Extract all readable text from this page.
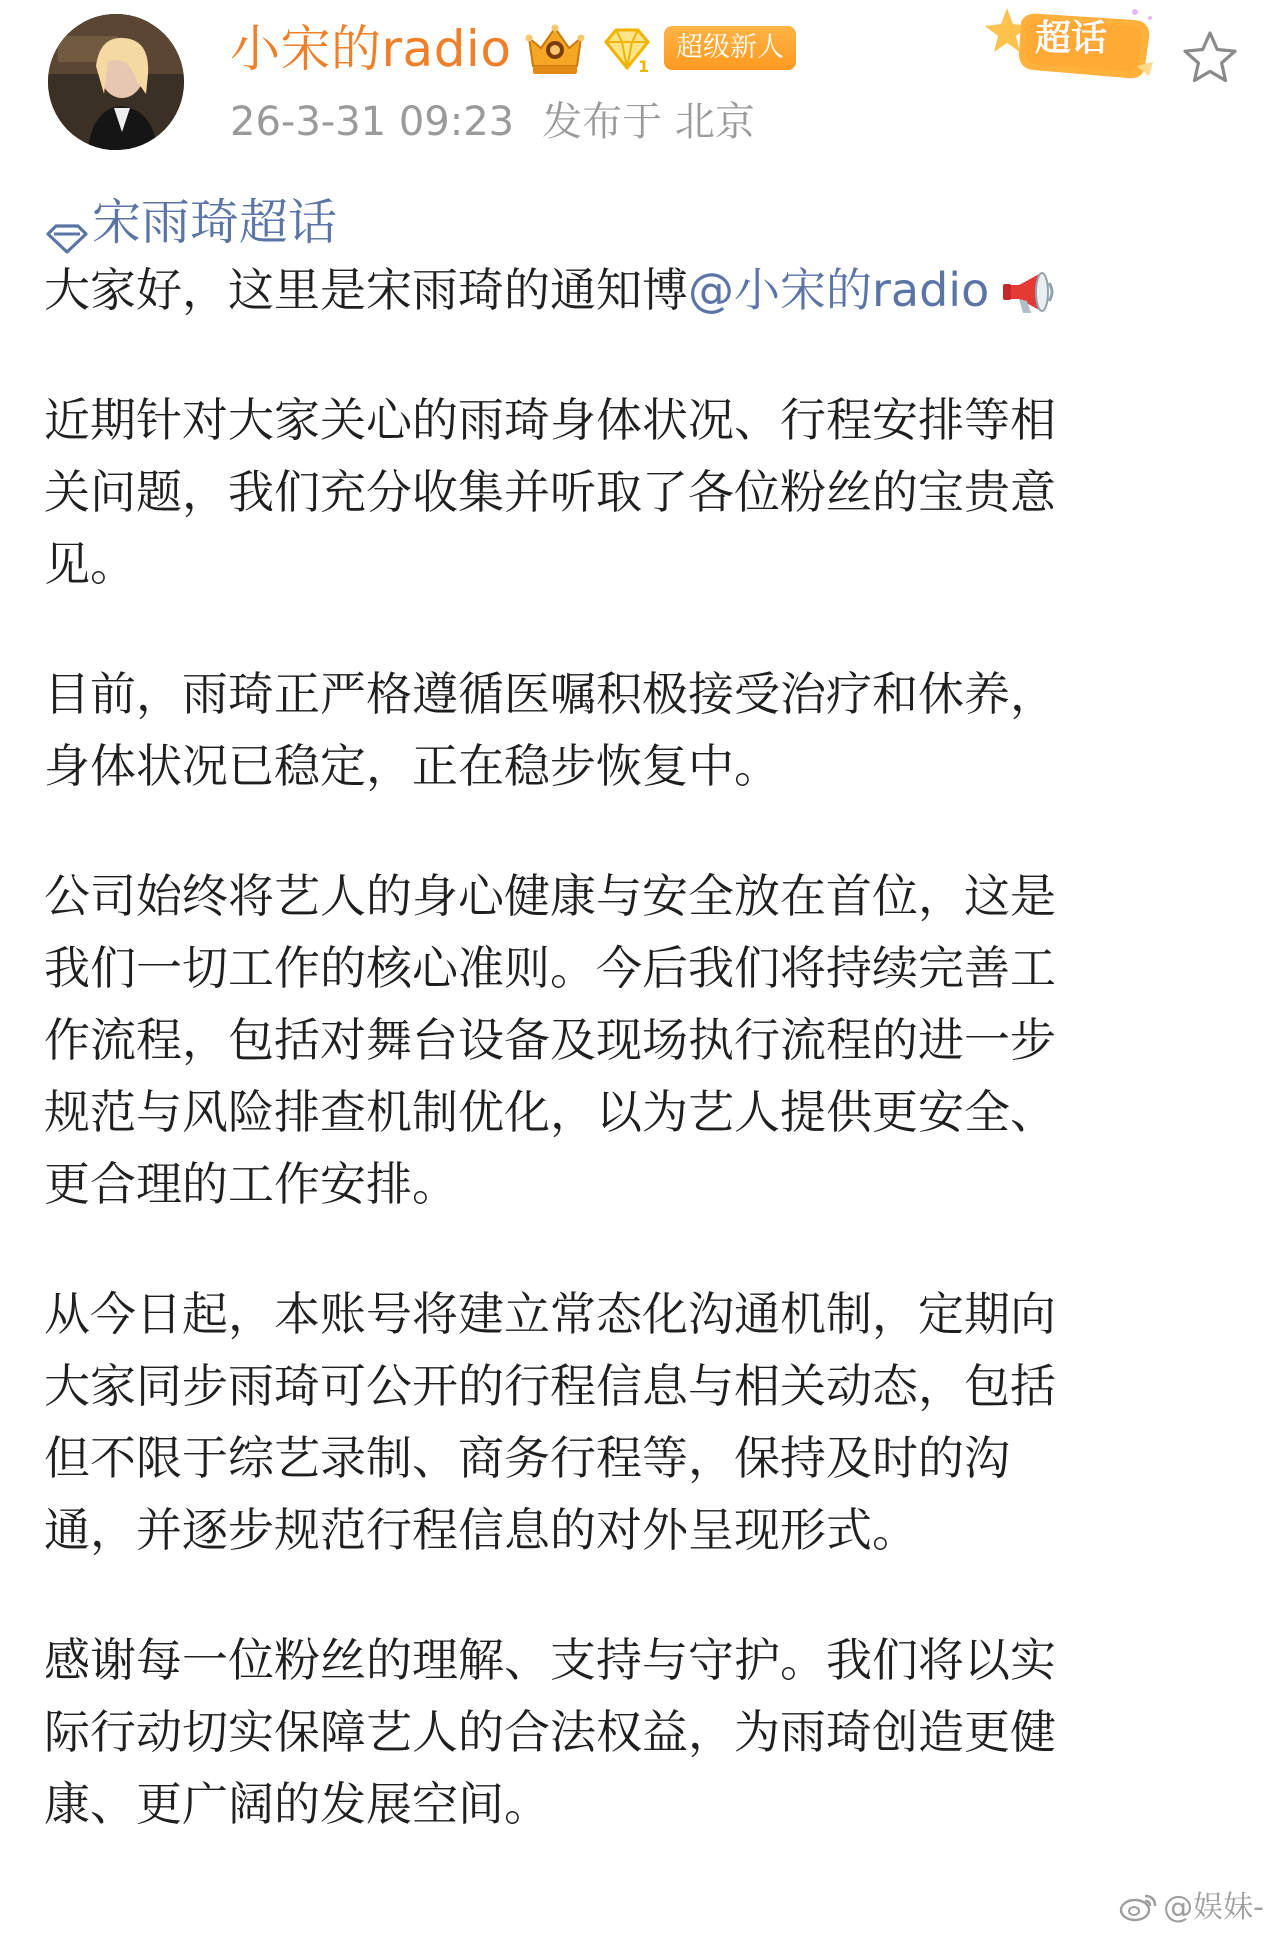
小宋的radio	1
超级新人
26-3-31 09:23 发布于 北京
超话
宋雨琦超话
大家好，这里是宋雨琦的通知博@小宋的radio
近期针对大家关心的雨琦身体状况、行程安排等相
关问题，我们充分收集并听取了各位粉丝的宝贵意
见。
目前，雨琦正严格遵循医嘱积极接受治疗和休养，
身体状况已稳定，正在稳步恢复中。
公司始终将艺人的身心健康与安全放在首位，这是
我们一切工作的核心准则。今后我们将持续完善工
作流程，包括对舞台设备及现场执行流程的进一步
规范与风险排查机制优化，以为艺人提供更安全、
更合理的工作安排。
从今日起，本账号将建立常态化沟通机制，定期向
大家同步雨琦可公开的行程信息与相关动态，包括
但不限于综艺录制、商务行程等，保持及时的沟
通，并逐步规范行程信息的对外呈现形式。
感谢每一位粉丝的理解、支持与守护。我们将以实
际行动切实保障艺人的合法权益，为雨琦创造更健
康、更广阔的发展空间。
@娱妹-
